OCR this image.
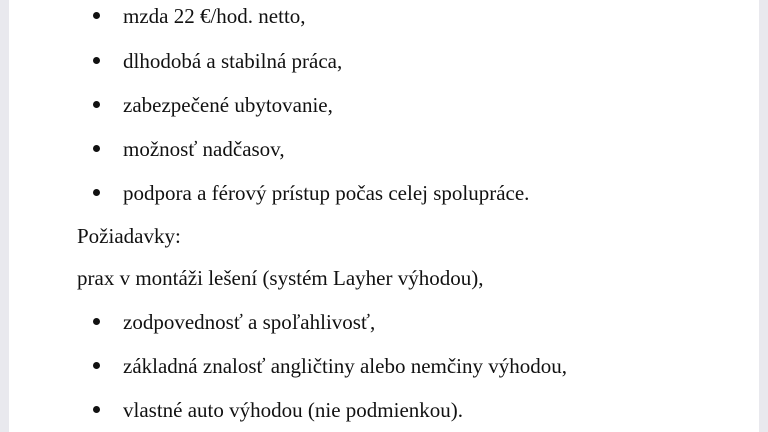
mzda 22 €/hod. netto,
dlhodobá a stabilná práca,
zabezpečené ubytovanie,
možnosť nadčasov,
podpora a férový prístup počas celej spolupráce.
Požiadavky:
prax v montáži lešení (systém Layher výhodou),
zodpovednosť a spoľahlivosť,
základná znalosť angličtiny alebo nemčiny výhodou,
vlastné auto výhodou (nie podmienkou).
